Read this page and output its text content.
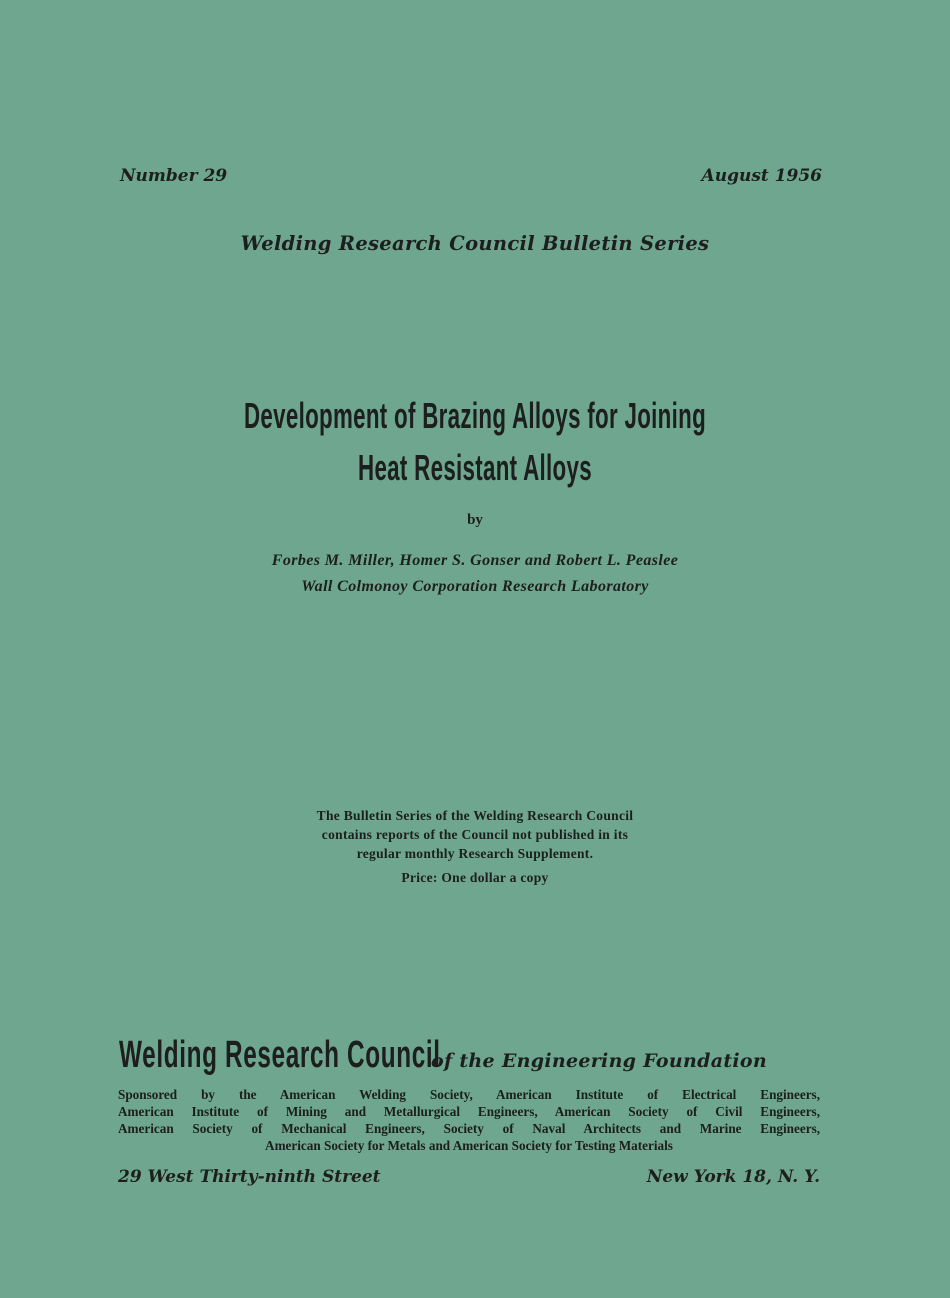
Number 29	August 1956
Welding Research Council Bulletin Series
Development of Brazing Alloys for Joining
Heat Resistant Alloys
by
Forbes M. Miller, Homer S. Gonser and Robert L. Peaslee
Wall Colmonoy Corporation Research Laboratory
The Bulletin Series of the Welding Research Council
contains reports of the Council not published in its
regular monthly Research Supplement.
Price: One dollar a copy
Welding Research Council
of the Engineering Foundation
Sponsored by the American Welding Society, American Institute of Electrical Engineers,
American Institute of Mining and Metallurgical Engineers, American Society of Civil Engineers,
American Society of Mechanical Engineers, Society of Naval Architects and Marine Engineers,
American Society for Metals and American Society for Testing Materials
29 West Thirty-ninth Street	New York 18, N. Y.
